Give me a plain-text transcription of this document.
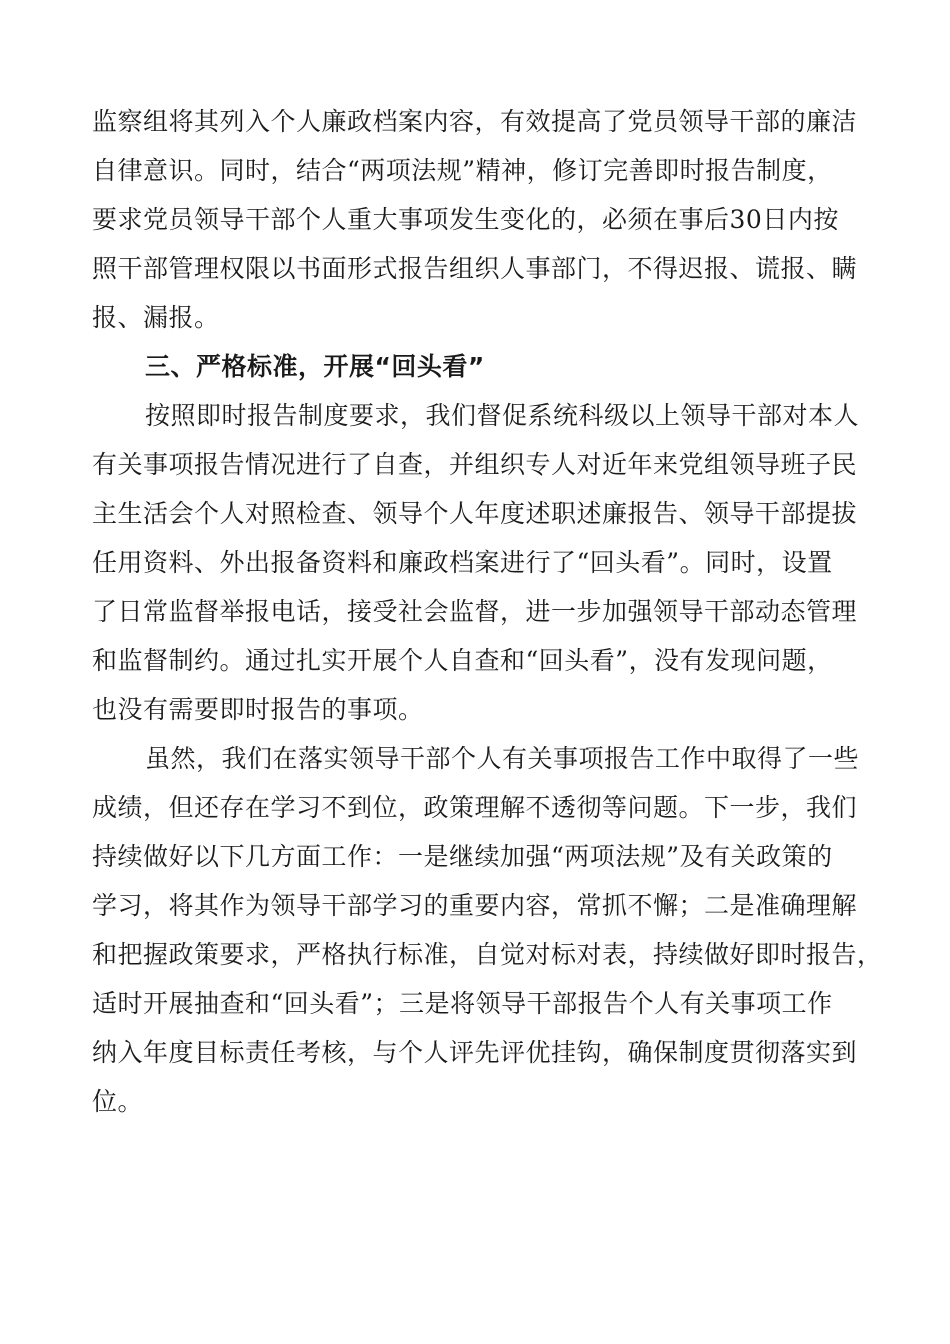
监察组将其列入个人廉政档案内容，有效提高了党员领导干部的廉洁
自律意识。同时，结合“两项法规”精神，修订完善即时报告制度，
要求党员领导干部个人重大事项发生变化的，必须在事后30日内按
照干部管理权限以书面形式报告组织人事部门，不得迟报、谎报、瞒
报、漏报。
三、严格标准，开展“回头看”
按照即时报告制度要求，我们督促系统科级以上领导干部对本人
有关事项报告情况进行了自查，并组织专人对近年来党组领导班子民
主生活会个人对照检查、领导个人年度述职述廉报告、领导干部提拔
任用资料、外出报备资料和廉政档案进行了“回头看”。同时，设置
了日常监督举报电话，接受社会监督，进一步加强领导干部动态管理
和监督制约。通过扎实开展个人自查和“回头看”，没有发现问题，
也没有需要即时报告的事项。
虽然，我们在落实领导干部个人有关事项报告工作中取得了一些
成绩，但还存在学习不到位，政策理解不透彻等问题。下一步，我们
持续做好以下几方面工作：一是继续加强“两项法规”及有关政策的
学习，将其作为领导干部学习的重要内容，常抓不懈；二是准确理解
和把握政策要求，严格执行标准，自觉对标对表，持续做好即时报告，
适时开展抽查和“回头看”；三是将领导干部报告个人有关事项工作
纳入年度目标责任考核，与个人评先评优挂钩，确保制度贯彻落实到
位。
